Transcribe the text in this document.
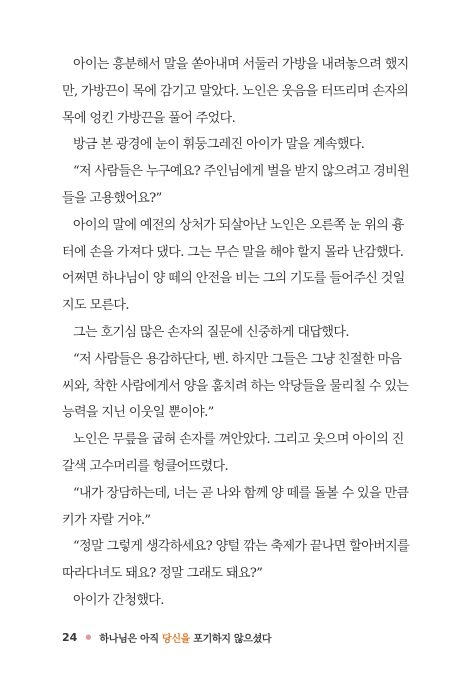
아이는 흥분해서 말을 쏟아내며 서둘러 가방을 내려놓으려 했지
만, 가방끈이 목에 감기고 말았다. 노인은 웃음을 터뜨리며 손자의
목에 엉킨 가방끈을 풀어 주었다.
방금 본 광경에 눈이 휘둥그레진 아이가 말을 계속했다.
“저 사람들은 누구예요? 주인님에게 벌을 받지 않으려고 경비원
들을 고용했어요?”
아이의 말에 예전의 상처가 되살아난 노인은 오른쪽 눈 위의 흉
터에 손을 가져다 댔다. 그는 무슨 말을 해야 할지 몰라 난감했다.
어쩌면 하나님이 양 떼의 안전을 비는 그의 기도를 들어주신 것일
지도 모른다.
그는 호기심 많은 손자의 질문에 신중하게 대답했다.
“저 사람들은 용감하단다, 벤. 하지만 그들은 그냥 친절한 마음
씨와, 착한 사람에게서 양을 훔치려 하는 악당들을 물리칠 수 있는
능력을 지닌 이웃일 뿐이야.”
노인은 무릎을 굽혀 손자를 껴안았다. 그리고 웃으며 아이의 진
갈색 고수머리를 헝클어뜨렸다.
“내가 장담하는데, 너는 곧 나와 함께 양 떼를 돌볼 수 있을 만큼
키가 자랄 거야.”
“정말 그렇게 생각하세요? 양털 깎는 축제가 끝나면 할아버지를
따라다녀도 돼요? 정말 그래도 돼요?”
아이가 간청했다.
24 ● 하나님은 아직 당신을 포기하지 않으셨다
